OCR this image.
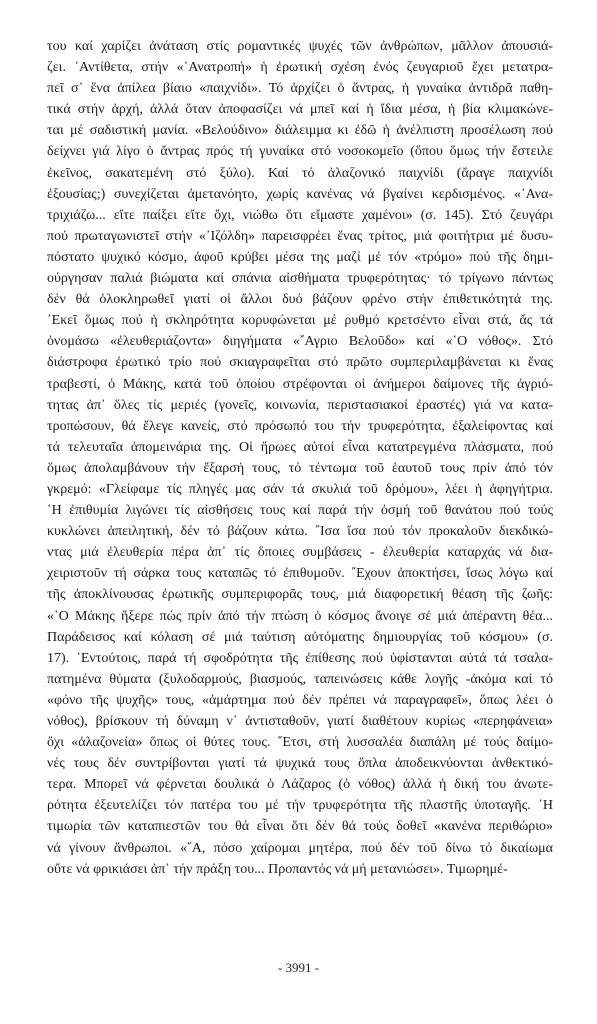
του καί χαρίζει ἀνάταση στίς ρομαντικές ψυχές τῶν ἀνθρώπων, μᾶλλον ἀπουσιά-
ζει. ᾿Αντίθετα, στήν «᾿Ανατροπή» ἡ ἐρωτική σχέση ἐνός ζευγαριοῦ ἔχει μετατρα-
πεῖ σ᾿ ἕνα ἀπίλεα βίαιο «παιχνίδι». Τό ἀρχίζει ὁ ἄντρας, ἡ γυναίκα ἀντιδρᾶ παθη-
τικά στήν ἀρχή, ἀλλά ὅταν ἀποφασίζει νά μπεῖ καί ἡ ἴδια μέσα, ἡ βία κλιμακώνε-
ται μέ σαδιστική μανία. «Βελούδινο» διάλειμμα κι ἐδῶ ἡ ἀνέλπιστη προσέλωση πού
δείχνει γιά λίγο ὁ ἄντρας πρός τή γυναίκα στό νοσοκομεῖο (ὅπου ὅμως τήν ἔστειλε
ἐκεῖνος, σακατεμένη στό ξύλο). Καί τό ἀλαζονικό παιχνίδι (ἄραγε παιχνίδι
ἐξουσίας;) συνεχίζεται ἀμετανόητο, χωρίς κανένας νά βγαίνει κερδισμένος. «᾿Ανα-
τριχιάζω... εἴτε παίξει εἴτε ὄχι, νιώθω ὅτι εἴμαστε χαμένοι» (σ. 145). Στό ζευγάρι
πού πρωταγωνιστεῖ στήν «᾿Ιζόλδη» παρεισφρέει ἕνας τρίτος, μιά φοιτήτρια μέ δυσυ-
πόστατο ψυχικό κόσμο, ἀφοῦ κρύβει μέσα της μαζί μέ τόν «τρόμο» πού τῆς δημι-
ούργησαν παλιά βιώματα καί σπάνια αἰσθήματα τρυφερότητας· τό τρίγωνο πάντως
δέν θά ὁλοκληρωθεῖ γιατί οἱ ἄλλοι δυό βάζουν φρένο στήν ἐπιθετικότητά της.
᾿Εκεῖ ὅμως πού ἡ σκληρότητα κορυφώνεται μέ ρυθμό κρετσέντο εἶναι στά, ἄς τά
ὀνομάσω «ἐλευθεριάζοντα» διηγήματα «῎Αγριο Βελοῦδο» καί «῾Ο νόθος». Στό
διάστροφα ἐρωτικό τρίο πού σκιαγραφεῖται στό πρῶτο συμπεριλαμβάνεται κι ἕνας
τραβεστί, ὁ Μάκης, κατά τοῦ ὁποίου στρέφονται οἱ ἀνήμεροι δαίμονες τῆς ἀγριό-
τητας ἀπ᾿ ὅλες τίς μεριές (γονεῖς, κοινωνία, περιστασιακοί ἐραστές) γιά να κατα-
τροπώσουν, θά ἔλεγε κανείς, στό πρόσωπό του τήν τρυφερότητα, ἐξαλείφοντας καί
τά τελευταῖα ἀπομεινάρια της. Οἱ ἥρωες αὐτοί εἶναι κατατρεγμένα πλάσματα, πού
ὅμως ἀπολαμβάνουν τήν ἔξαρσή τους, τό τέντωμα τοῦ ἑαυτοῦ τους πρίν ἀπό τόν
γκρεμό: «Γλείφαμε τίς πληγές μας σάν τά σκυλιά τοῦ δρόμου», λέει ἡ ἀφηγήτρια.
῾Η ἐπιθυμία λιγώνει τίς αἰσθήσεις τους καί παρά τήν ὀσμή τοῦ θανάτου πού τούς
κυκλώνει ἀπειλητική, δέν τό βάζουν κάτω. ῎Ισα ἴσα πού τόν προκαλοῦν διεκδικώ-
ντας μιά ἐλευθερία πέρα ἀπ᾿ τίς ὅποιες συμβάσεις - ἐλευθερία καταρχάς νά δια-
χειριστοῦν τή σάρκα τους καταπῶς τό ἐπιθυμοῦν. ῎Εχουν ἀποκτήσει, ἴσως λόγω καί
τῆς ἀποκλίνουσας ἐρωτικῆς συμπεριφορᾶς τους, μιά διαφορετική θέαση τῆς ζωῆς:
«῾Ο Μάκης ἤξερε πώς πρίν ἀπό τήν πτώση ὁ κόσμος ἄνοιγε σέ μιά ἀπέραντη θέα...
Παράδεισος καί κόλαση σέ μιά ταύτιση αὐτόματης δημιουργίας τοῦ κόσμου» (σ.
17). ᾿Εντούτοις, παρά τή σφοδρότητα τῆς ἐπίθεσης πού ὑφίστανται αὐτά τά τσαλα-
πατημένα θύματα (ξυλοδαρμούς, βιασμούς, ταπεινώσεις κάθε λογῆς -ἀκόμα καί τό
«φόνο τῆς ψυχῆς» τους, «ἁμάρτημα πού δέν πρέπει νά παραγραφεῖ», ὅπως λέει ὁ
νόθος), βρίσκουν τή δύναμη ν᾿ ἀντισταθοῦν, γιατί διαθέτουν κυρίως «περηφάνεια»
ὄχι «ἀλαζονεία» ὅπως οἱ θύτες τους. ῎Ετσι, στή λυσσαλέα διαπάλη μέ τούς δαίμο-
νές τους δέν συντρίβονται γιατί τά ψυχικά τους ὅπλα ἀποδεικνύονται ἀνθεκτικό-
τερα. Μπορεῖ νά φέρνεται δουλικά ὁ Λάζαρος (ὁ νόθος) ἀλλά ἡ δική του ἀνωτε-
ρότητα ἐξευτελίζει τόν πατέρα του μέ τήν τρυφερότητα τῆς πλαστῆς ὑποταγῆς. ῾Η
τιμωρία τῶν καταπιεστῶν του θά εἶναι ὅτι δέν θά τούς δοθεῖ «κανένα περιθώριο»
νά γίνουν ἄνθρωποι. «῎Α, πόσο χαίρομαι μητέρα, πού δέν τοῦ δίνω τό δικαίωμα
οὔτε νά φρικιάσει ἀπ᾿ τήν πράξη του... Προπαντός νά μή μετανιώσει». Τιμωρημέ-
- 3991 -
